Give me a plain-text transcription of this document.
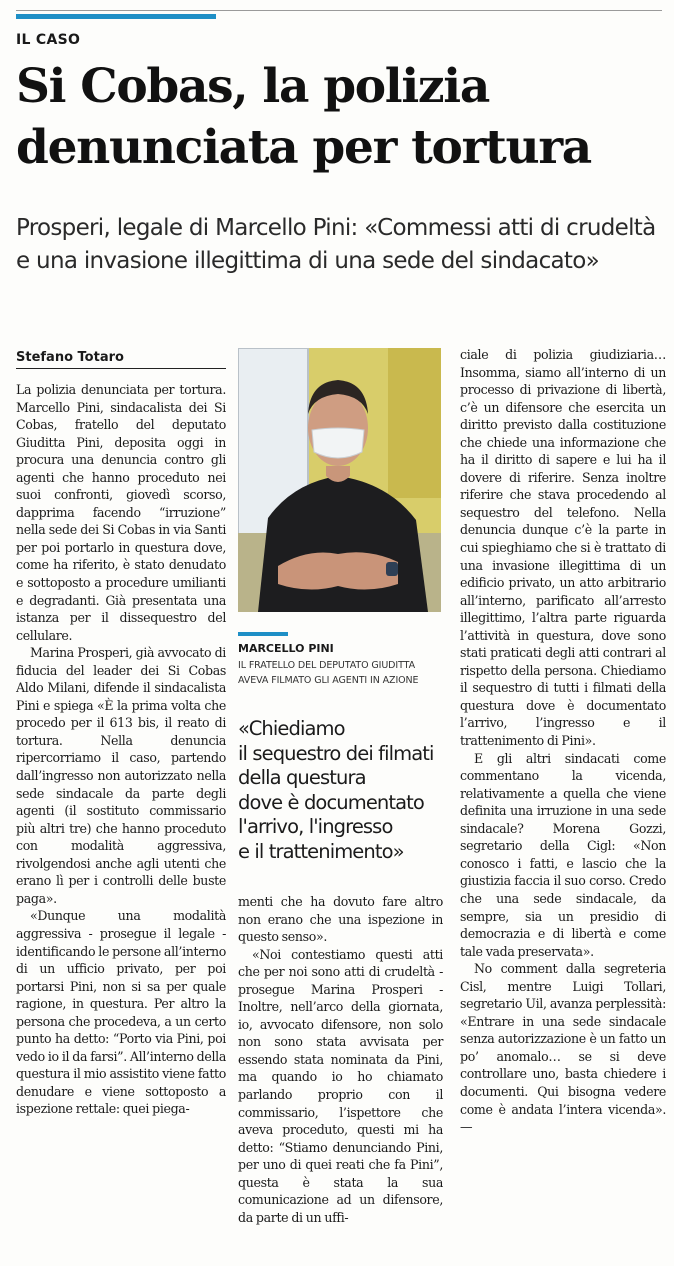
IL CASO
Si Cobas, la polizia denunciata per tortura

Prosperi, legale di Marcello Pini: «Commessi atti di crudeltà e una invasione illegittima di una sede del sindacato»

Stefano Totaro

La polizia denunciata per tortura. Marcello Pini, sindacalista dei Si Cobas, fratello del deputato Giuditta Pini, deposita oggi in procura una denuncia contro gli agenti che hanno proceduto nei suoi confronti, giovedì scorso, dapprima facendo “irruzione” nella sede dei Si Cobas in via Santi per poi portarlo in questura dove, come ha riferito, è stato denudato e sottoposto a procedure umilianti e degradanti. Già presentata una istanza per il dissequestro del cellulare.

Marina Prosperi, già avvocato di fiducia del leader dei Si Cobas Aldo Milani, difende il sindacalista Pini e spiega «È la prima volta che procedo per il 613 bis, il reato di tortura. Nella denuncia ripercorriamo il caso, partendo dall’ingresso non autorizzato nella sede sindacale da parte degli agenti (il sostituto commissario più altri tre) che hanno proceduto con modalità aggressiva, rivolgendosi anche agli utenti che erano lì per i controlli delle buste paga».

«Dunque una modalità aggressiva - prosegue il legale - identificando le persone all’interno di un ufficio privato, per poi portarsi Pini, non si sa per quale ragione, in questura. Per altro la persona che procedeva, a un certo punto ha detto: “Porto via Pini, poi vedo io il da farsi”. All’interno della questura il mio assistito viene fatto denudare e viene sottoposto a ispezione rettale: quei piega-

MARCELLO PINI
IL FRATELLO DEL DEPUTATO GIUDITTA
AVEVA FILMATO GLI AGENTI IN AZIONE
«Chiediamo
il sequestro dei filmati
della questura
dove è documentato
l'arrivo, l'ingresso
e il trattenimento»

menti che ha dovuto fare altro non erano che una ispezione in questo senso».

«Noi contestiamo questi atti che per noi sono atti di crudeltà - prosegue Marina Prosperi - Inoltre, nell’arco della giornata, io, avvocato difensore, non solo non sono stata avvisata per essendo stata nominata da Pini, ma quando io ho chiamato parlando proprio con il commissario, l’ispettore che aveva proceduto, questi mi ha detto: “Stiamo denunciando Pini, per uno di quei reati che fa Pini”, questa è stata la sua comunicazione ad un difensore, da parte di un uffi-

ciale di polizia giudiziaria… Insomma, siamo all’interno di un processo di privazione di libertà, c’è un difensore che esercita un diritto previsto dalla costituzione che chiede una informazione che ha il diritto di sapere e lui ha il dovere di riferire. Senza inoltre riferire che stava procedendo al sequestro del telefono. Nella denuncia dunque c’è la parte in cui spieghiamo che si è trattato di una invasione illegittima di un edificio privato, un atto arbitrario all’interno, parificato all’arresto illegittimo, l’altra parte riguarda l’attività in questura, dove sono stati praticati degli atti contrari al rispetto della persona. Chiediamo il sequestro di tutti i filmati della questura dove è documentato l’arrivo, l’ingresso e il trattenimento di Pini».

E gli altri sindacati come commentano la vicenda, relativamente a quella che viene definita una irruzione in una sede sindacale? Morena Gozzi, segretario della Cigl: «Non conosco i fatti, e lascio che la giustizia faccia il suo corso. Credo che una sede sindacale, da sempre, sia un presidio di democrazia e di libertà e come tale vada preservata».

No comment dalla segreteria Cisl, mentre Luigi Tollari, segretario Uil, avanza perplessità: «Entrare in una sede sindacale senza autorizzazione è un fatto un po’ anomalo… se si deve controllare uno, basta chiedere i documenti. Qui bisogna vedere come è andata l’intera vicenda». —
